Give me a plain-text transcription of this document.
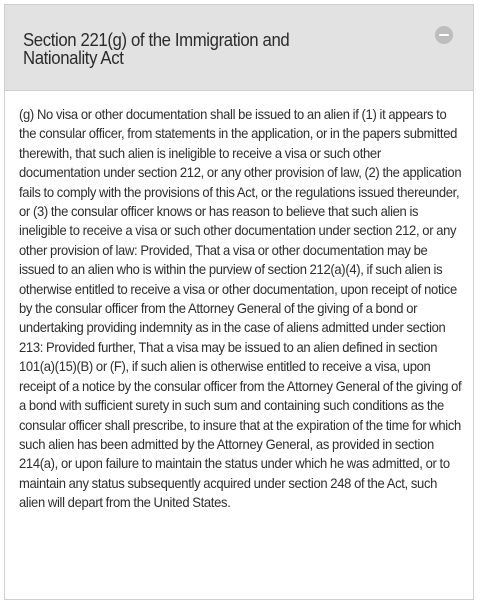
Section 221(g) of the Immigration and Nationality Act

(g) No visa or other documentation shall be issued to an alien if (1) it appears to the consular officer, from statements in the application, or in the papers submitted therewith, that such alien is ineligible to receive a visa or such other documentation under section 212, or any other provision of law, (2) the application fails to comply with the provisions of this Act, or the regulations issued thereunder, or (3) the consular officer knows or has reason to believe that such alien is ineligible to receive a visa or such other documentation under section 212, or any other provision of law: Provided, That a visa or other documentation may be issued to an alien who is within the purview of section 212(a)(4), if such alien is otherwise entitled to receive a visa or other documentation, upon receipt of notice by the consular officer from the Attorney General of the giving of a bond or undertaking providing indemnity as in the case of aliens admitted under section 213: Provided further, That a visa may be issued to an alien defined in section 101(a)(15)(B) or (F), if such alien is otherwise entitled to receive a visa, upon receipt of a notice by the consular officer from the Attorney General of the giving of a bond with sufficient surety in such sum and containing such conditions as the consular officer shall prescribe, to insure that at the expiration of the time for which such alien has been admitted by the Attorney General, as provided in section 214(a), or upon failure to maintain the status under which he was admitted, or to maintain any status subsequently acquired under section 248 of the Act, such alien will depart from the United States.
